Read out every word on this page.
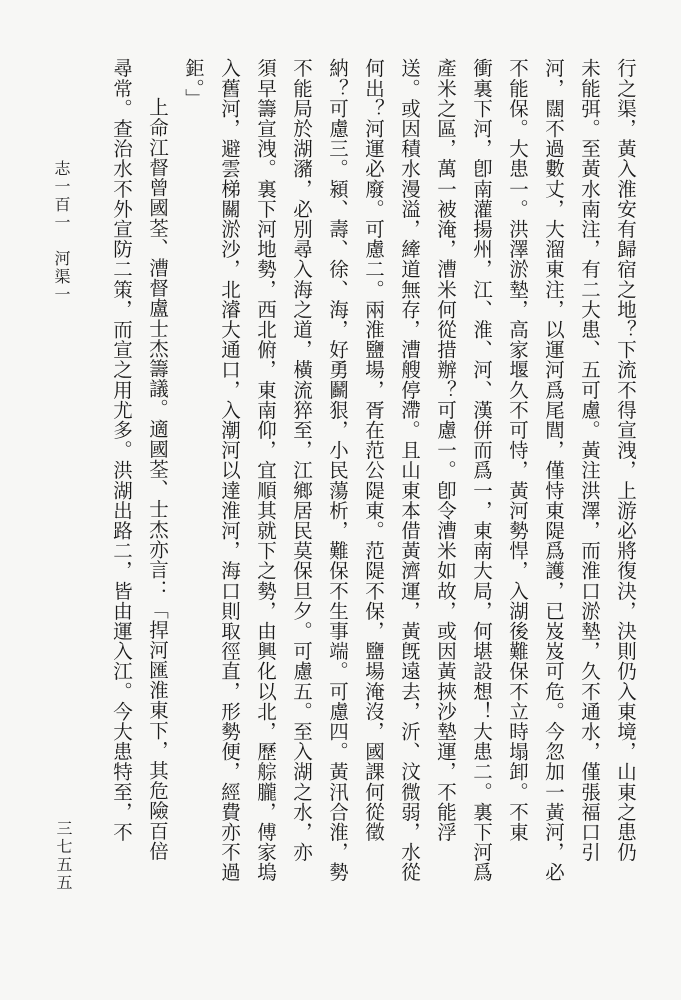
行之渠，黃入淮安有歸宿之地？下流不得宣洩，上游必將復決，決則仍入東境，山東之患仍

未能弭。至黃水南注，有二大患、五可慮。黃注洪澤，而淮口淤墊，久不通水，僅張福口引

河，闊不過數丈，大溜東注，以運河爲尾閭，僅恃東隄爲護，已岌岌可危。今忽加一黃河，必

不能保。大患一。洪澤淤墊，高家堰久不可恃，黃河勢悍，入湖後難保不立時塌卸。不東

衝裏下河，卽南灌揚州，江、淮、河、漢併而爲一，東南大局，何堪設想！大患二。裏下河爲

產米之區，萬一被淹，漕米何從措辦？可慮一。卽令漕米如故，或因黃挾沙墊運，不能浮

送。或因積水漫溢，縴道無存，漕艘停滯。且山東本借黃濟運，黃旣遠去，沂、汶微弱，水從

何出？河運必廢。可慮二。兩淮鹽場，胥在范公隄東。范隄不保，鹽場淹沒，國課何從徵

納？可慮三。潁、壽、徐、海，好勇鬬狠，小民蕩析，難保不生事端。可慮四。黃汛合淮，勢

不能局於湖瀦，必別尋入海之道，橫流猝至，江鄉居民莫保旦夕。可慮五。至入湖之水，亦

須早籌宣洩。裏下河地勢，西北俯，東南仰，宜順其就下之勢，由興化以北，歷䑸朧，傅家塢

入舊河，避雲梯關淤沙，北濬大通口，入潮河以達淮河，海口則取徑直，形勢便，經費亦不過

鉅。」

上命江督曾國荃、漕督盧士杰籌議。適國荃、士杰亦言：「捍河匯淮東下，其危險百倍

尋常。查治水不外宣防二策，而宣之用尤多。洪湖出路二，皆由運入江。今大患特至，不

志一百一　河渠一
三七五五
